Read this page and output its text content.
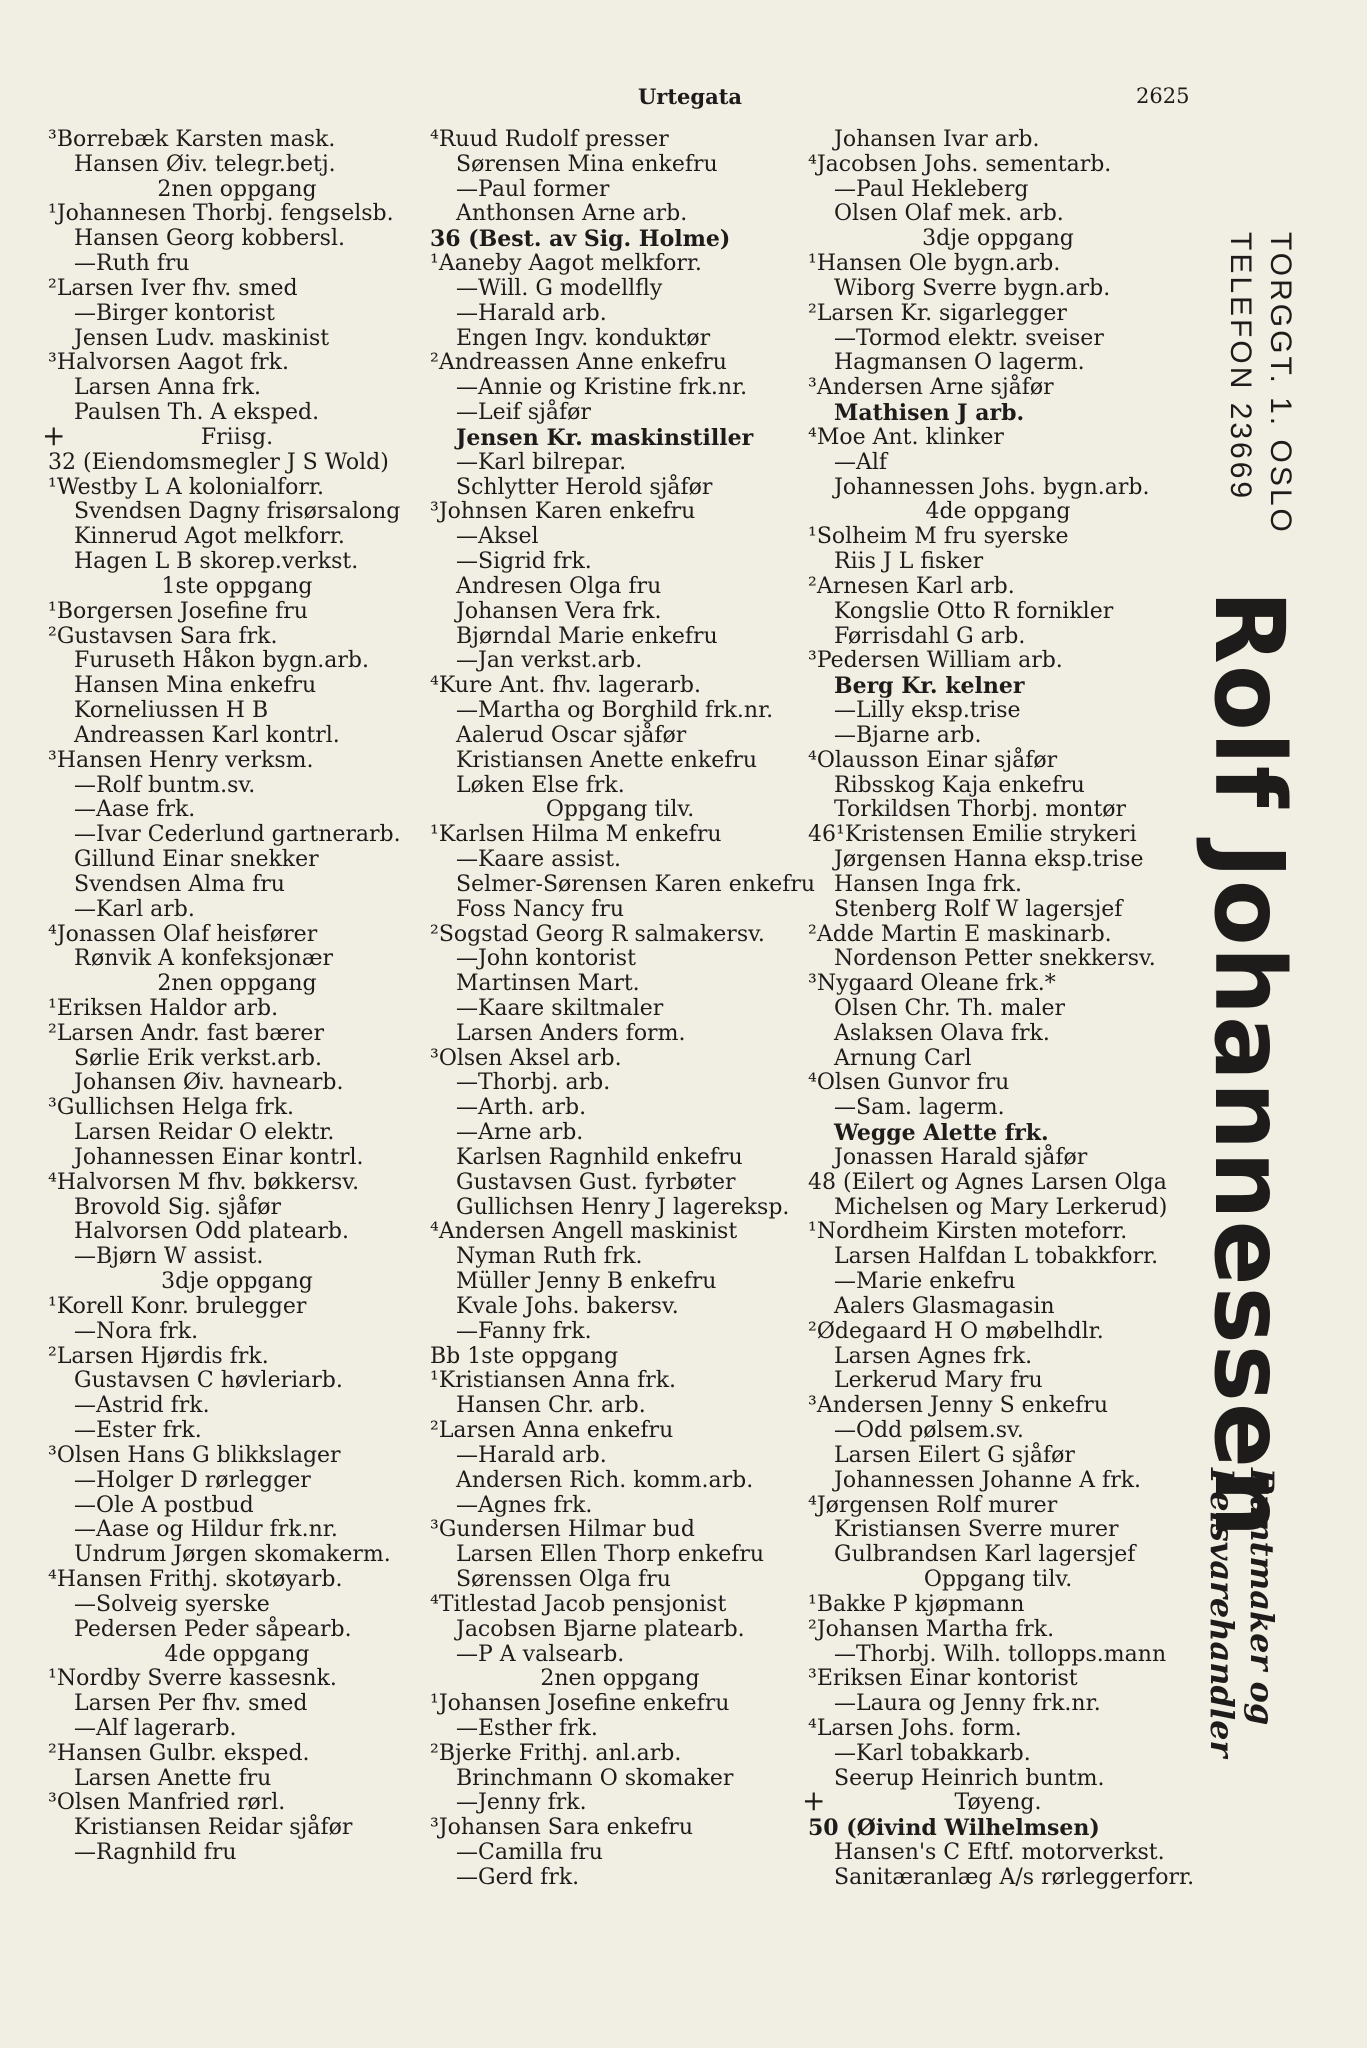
Urtegata	2625
³Borrebæk Karsten mask.
Hansen Øiv. telegr.betj.
2nen oppgang
¹Johannesen Thorbj. fengselsb.
Hansen Georg kobbersl.
—Ruth fru
²Larsen Iver fhv. smed
—Birger kontorist
Jensen Ludv. maskinist
³Halvorsen Aagot frk.
Larsen Anna frk.
Paulsen Th. A eksped.
+	Friisg.
32 (Eiendomsmegler J S Wold)
¹Westby L A kolonialforr.
Svendsen Dagny frisørsalong
Kinnerud Agot melkforr.
Hagen L B skorep.verkst.
1ste oppgang
¹Borgersen Josefine fru
²Gustavsen Sara frk.
Furuseth Håkon bygn.arb.
Hansen Mina enkefru
Korneliussen H B
Andreassen Karl kontrl.
³Hansen Henry verksm.
—Rolf buntm.sv.
—Aase frk.
—Ivar Cederlund gartnerarb.
Gillund Einar snekker
Svendsen Alma fru
—Karl arb.
⁴Jonassen Olaf heisfører
Rønvik A konfeksjonær
2nen oppgang
¹Eriksen Haldor arb.
²Larsen Andr. fast bærer
Sørlie Erik verkst.arb.
Johansen Øiv. havnearb.
³Gullichsen Helga frk.
Larsen Reidar O elektr.
Johannessen Einar kontrl.
⁴Halvorsen M fhv. bøkkersv.
Brovold Sig. sjåfør
Halvorsen Odd platearb.
—Bjørn W assist.
3dje oppgang
¹Korell Konr. brulegger
—Nora frk.
²Larsen Hjørdis frk.
Gustavsen C høvleriarb.
—Astrid frk.
—Ester frk.
³Olsen Hans G blikkslager
—Holger D rørlegger
—Ole A postbud
—Aase og Hildur frk.nr.
Undrum Jørgen skomakerm.
⁴Hansen Frithj. skotøyarb.
—Solveig syerske
Pedersen Peder såpearb.
4de oppgang
¹Nordby Sverre kassesnk.
Larsen Per fhv. smed
—Alf lagerarb.
²Hansen Gulbr. eksped.
Larsen Anette fru
³Olsen Manfried rørl.
Kristiansen Reidar sjåfør
—Ragnhild fru
⁴Ruud Rudolf presser
Sørensen Mina enkefru
—Paul former
Anthonsen Arne arb.
36 (Best. av Sig. Holme)
¹Aaneby Aagot melkforr.
—Will. G modellfly
—Harald arb.
Engen Ingv. konduktør
²Andreassen Anne enkefru
—Annie og Kristine frk.nr.
—Leif sjåfør
Jensen Kr. maskinstiller
—Karl bilrepar.
Schlytter Herold sjåfør
³Johnsen Karen enkefru
—Aksel
—Sigrid frk.
Andresen Olga fru
Johansen Vera frk.
Bjørndal Marie enkefru
—Jan verkst.arb.
⁴Kure Ant. fhv. lagerarb.
—Martha og Borghild frk.nr.
Aalerud Oscar sjåfør
Kristiansen Anette enkefru
Løken Else frk.
Oppgang tilv.
¹Karlsen Hilma M enkefru
—Kaare assist.
Selmer-Sørensen Karen enkefru
Foss Nancy fru
²Sogstad Georg R salmakersv.
—John kontorist
Martinsen Mart.
—Kaare skiltmaler
Larsen Anders form.
³Olsen Aksel arb.
—Thorbj. arb.
—Arth. arb.
—Arne arb.
Karlsen Ragnhild enkefru
Gustavsen Gust. fyrbøter
Gullichsen Henry J lagereksp.
⁴Andersen Angell maskinist
Nyman Ruth frk.
Müller Jenny B enkefru
Kvale Johs. bakersv.
—Fanny frk.
Bb 1ste oppgang
¹Kristiansen Anna frk.
Hansen Chr. arb.
²Larsen Anna enkefru
—Harald arb.
Andersen Rich. komm.arb.
—Agnes frk.
³Gundersen Hilmar bud
Larsen Ellen Thorp enkefru
Sørenssen Olga fru
⁴Titlestad Jacob pensjonist
Jacobsen Bjarne platearb.
—P A valsearb.
2nen oppgang
¹Johansen Josefine enkefru
—Esther frk.
²Bjerke Frithj. anl.arb.
Brinchmann O skomaker
—Jenny frk.
³Johansen Sara enkefru
—Camilla fru
—Gerd frk.
Johansen Ivar arb.
⁴Jacobsen Johs. sementarb.
—Paul Hekleberg
Olsen Olaf mek. arb.
3dje oppgang
¹Hansen Ole bygn.arb.
Wiborg Sverre bygn.arb.
²Larsen Kr. sigarlegger
—Tormod elektr. sveiser
Hagmansen O lagerm.
³Andersen Arne sjåfør
Mathisen J arb.
⁴Moe Ant. klinker
—Alf
Johannessen Johs. bygn.arb.
4de oppgang
¹Solheim M fru syerske
Riis J L fisker
²Arnesen Karl arb.
Kongslie Otto R fornikler
Førrisdahl G arb.
³Pedersen William arb.
Berg Kr. kelner
—Lilly eksp.trise
—Bjarne arb.
⁴Olausson Einar sjåfør
Ribsskog Kaja enkefru
Torkildsen Thorbj. montør
46¹Kristensen Emilie strykeri
Jørgensen Hanna eksp.trise
Hansen Inga frk.
Stenberg Rolf W lagersjef
²Adde Martin E maskinarb.
Nordenson Petter snekkersv.
³Nygaard Oleane frk.*
Olsen Chr. Th. maler
Aslaksen Olava frk.
Arnung Carl
⁴Olsen Gunvor fru
—Sam. lagerm.
Wegge Alette frk.
Jonassen Harald sjåfør
48 (Eilert og Agnes Larsen Olga
Michelsen og Mary Lerkerud)
¹Nordheim Kirsten moteforr.
Larsen Halfdan L tobakkforr.
—Marie enkefru
Aalers Glasmagasin
²Ødegaard H O møbelhdlr.
Larsen Agnes frk.
Lerkerud Mary fru
³Andersen Jenny S enkefru
—Odd pølsem.sv.
Larsen Eilert G sjåfør
Johannessen Johanne A frk.
⁴Jørgensen Rolf murer
Kristiansen Sverre murer
Gulbrandsen Karl lagersjef
Oppgang tilv.
¹Bakke P kjøpmann
²Johansen Martha frk.
—Thorbj. Wilh. tollopps.mann
³Eriksen Einar kontorist
—Laura og Jenny frk.nr.
⁴Larsen Johs. form.
—Karl tobakkarb.
Seerup Heinrich buntm.
+	Tøyeng.
50 (Øivind Wilhelmsen)
Hansen's C Eftf. motorverkst.
Sanitæranlæg A/s rørleggerforr.
TORGGT. 1. OSLO
TELEFON 23669
Rolf Johannessen
Buntmaker og
Pelsvarehandler
